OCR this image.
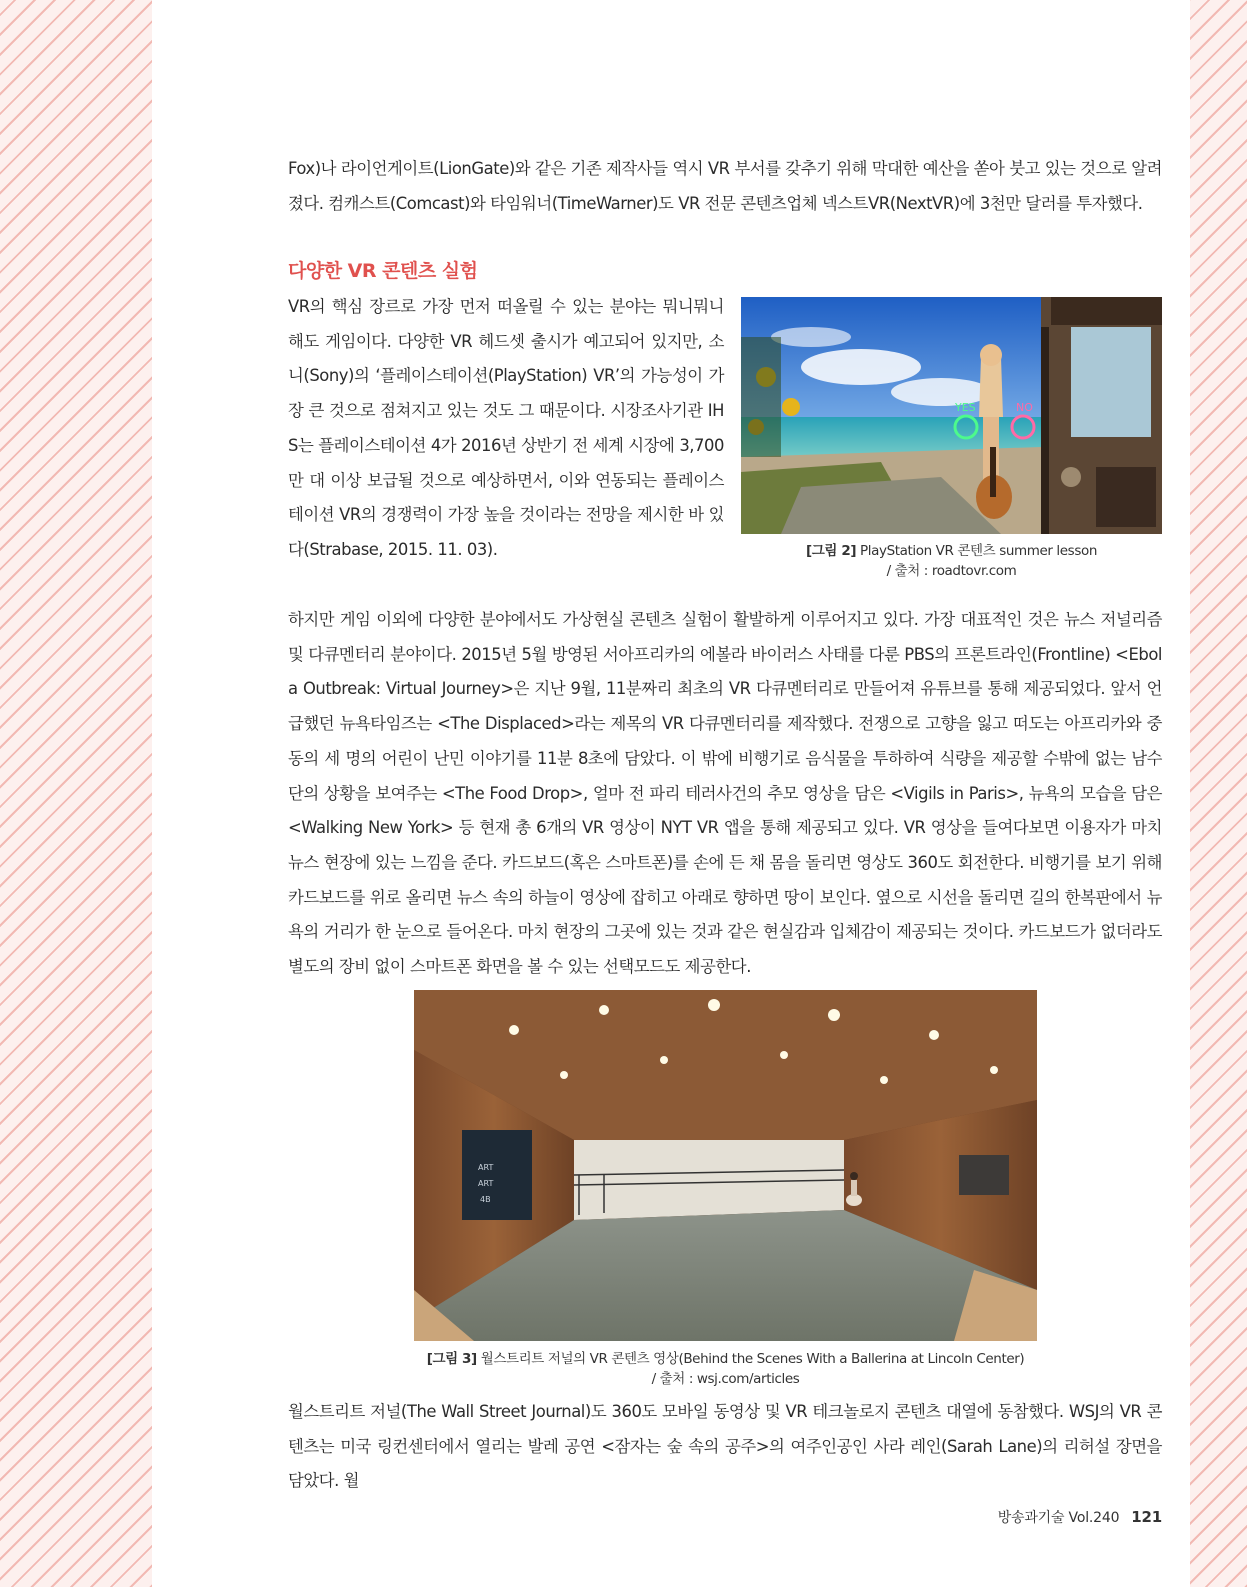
Fox)나 라이언게이트(LionGate)와 같은 기존 제작사들 역시 VR 부서를 갖추기 위해 막대한 예산을 쏟아 붓고 있는 것으로 알려졌다. 컴캐스트(Comcast)와 타임워너(TimeWarner)도 VR 전문 콘텐츠업체 넥스트VR(NextVR)에 3천만 달러를 투자했다.

다양한 VR 콘텐츠 실험

VR의 핵심 장르로 가장 먼저 떠올릴 수 있는 분야는 뭐니뭐니 해도 게임이다. 다양한 VR 헤드셋 출시가 예고되어 있지만, 소니(Sony)의 ‘플레이스테이션(PlayStation) VR’의 가능성이 가장 큰 것으로 점쳐지고 있는 것도 그 때문이다. 시장조사기관 IHS는 플레이스테이션 4가 2016년 상반기 전 세계 시장에 3,700만 대 이상 보급될 것으로 예상하면서, 이와 연동되는 플레이스테이션 VR의 경쟁력이 가장 높을 것이라는 전망을 제시한 바 있다(Strabase, 2015. 11. 03).

YES	NO
[그림 2] PlayStation VR 콘텐츠 summer lesson
/ 출처 : roadtovr.com

하지만 게임 이외에 다양한 분야에서도 가상현실 콘텐츠 실험이 활발하게 이루어지고 있다. 가장 대표적인 것은 뉴스 저널리즘 및 다큐멘터리 분야이다. 2015년 5월 방영된 서아프리카의 에볼라 바이러스 사태를 다룬 PBS의 프론트라인(Frontline) <Ebola Outbreak: Virtual Journey>은 지난 9월, 11분짜리 최초의 VR 다큐멘터리로 만들어져 유튜브를 통해 제공되었다. 앞서 언급했던 뉴욕타임즈는 <The Displaced>라는 제목의 VR 다큐멘터리를 제작했다. 전쟁으로 고향을 잃고 떠도는 아프리카와 중동의 세 명의 어린이 난민 이야기를 11분 8초에 담았다. 이 밖에 비행기로 음식물을 투하하여 식량을 제공할 수밖에 없는 남수단의 상황을 보여주는 <The Food Drop>, 얼마 전 파리 테러사건의 추모 영상을 담은 <Vigils in Paris>, 뉴욕의 모습을 담은 <Walking New York> 등 현재 총 6개의 VR 영상이 NYT VR 앱을 통해 제공되고 있다. VR 영상을 들여다보면 이용자가 마치 뉴스 현장에 있는 느낌을 준다. 카드보드(혹은 스마트폰)를 손에 든 채 몸을 돌리면 영상도 360도 회전한다. 비행기를 보기 위해 카드보드를 위로 올리면 뉴스 속의 하늘이 영상에 잡히고 아래로 향하면 땅이 보인다. 옆으로 시선을 돌리면 길의 한복판에서 뉴욕의 거리가 한 눈으로 들어온다. 마치 현장의 그곳에 있는 것과 같은 현실감과 입체감이 제공되는 것이다. 카드보드가 없더라도 별도의 장비 없이 스마트폰 화면을 볼 수 있는 선택모드도 제공한다.

ART
ART
4B
[그림 3] 월스트리트 저널의 VR 콘텐츠 영상(Behind the Scenes With a Ballerina at Lincoln Center)
/ 출처 : wsj.com/articles

월스트리트 저널(The Wall Street Journal)도 360도 모바일 동영상 및 VR 테크놀로지 콘텐츠 대열에 동참했다. WSJ의 VR 콘텐츠는 미국 링컨센터에서 열리는 발레 공연 <잠자는 숲 속의 공주>의 여주인공인 사라 레인(Sarah Lane)의 리허설 장면을 담았다. 월

방송과기술 Vol.240 121
